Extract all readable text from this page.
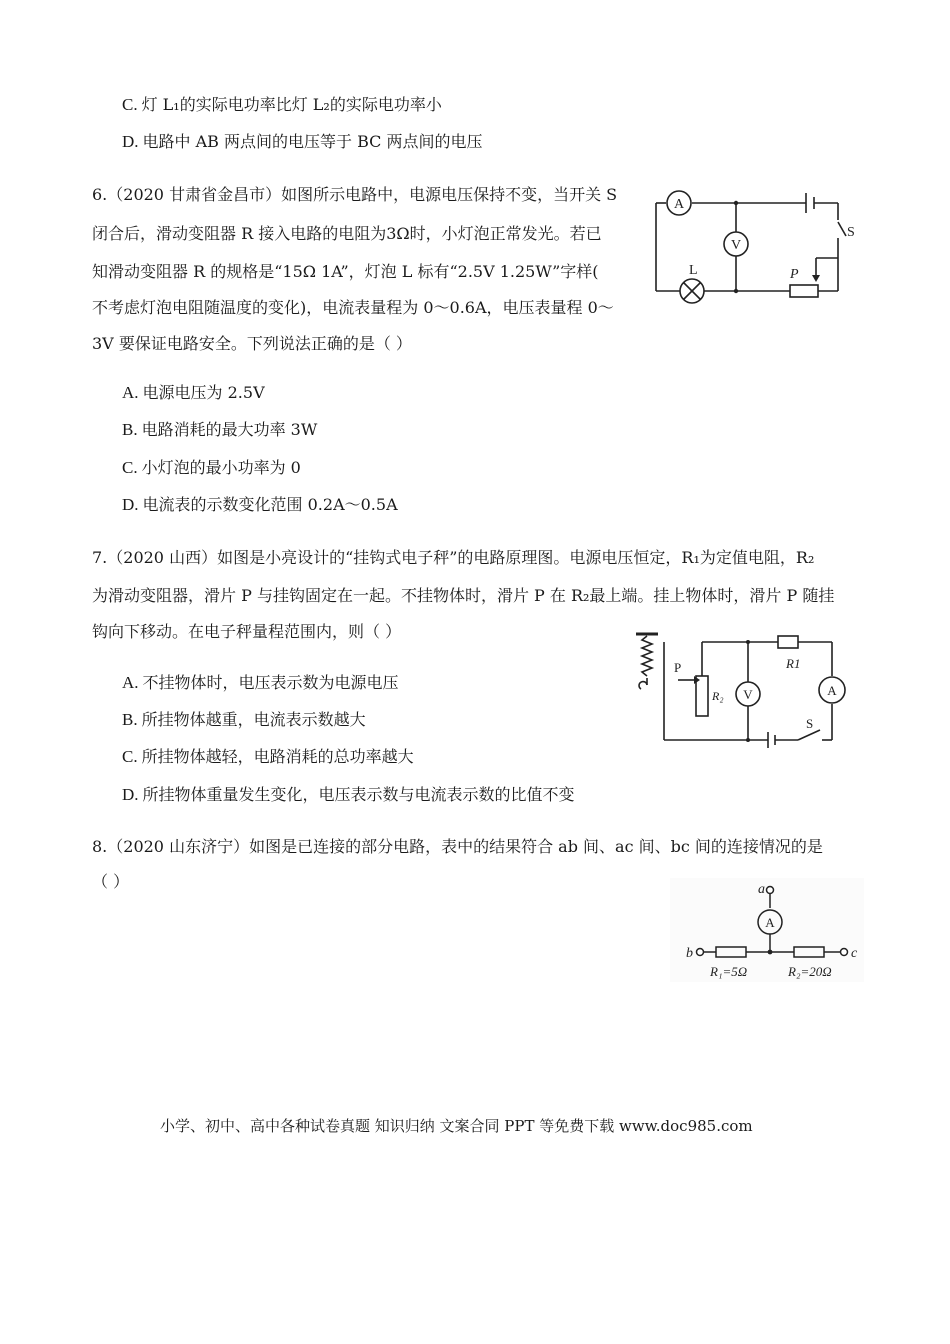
C. 灯 L₁的实际电功率比灯 L₂的实际电功率小
D. 电路中 AB 两点间的电压等于 BC 两点间的电压
6.（2020 甘肃省金昌市）如图所示电路中，电源电压保持不变，当开关 S
闭合后，滑动变阻器 R 接入电路的电阻为3Ω时，小灯泡正常发光。若已
知滑动变阻器 R 的规格是“15Ω 1A”，灯泡 L 标有“2.5V 1.25W”字样(
不考虑灯泡电阻随温度的变化)，电流表量程为 0～0.6A，电压表量程 0～
3V 要保证电路安全。下列说法正确的是（ ）
A
V
L
S
P
A. 电源电压为 2.5V
B. 电路消耗的最大功率 3W
C. 小灯泡的最小功率为 0
D. 电流表的示数变化范围 0.2A～0.5A
7.（2020 山西）如图是小亮设计的“挂钩式电子秤”的电路原理图。电源电压恒定，R₁为定值电阻，R₂
为滑动变阻器，滑片 P 与挂钩固定在一起。不挂物体时，滑片 P 在 R₂最上端。挂上物体时，滑片 P 随挂
钩向下移动。在电子秤量程范围内，则（ ）
P
R₂ V
R1
A
S
A. 不挂物体时，电压表示数为电源电压
B. 所挂物体越重，电流表示数越大
C. 所挂物体越轻，电路消耗的总功率越大
D. 所挂物体重量发生变化，电压表示数与电流表示数的比值不变
8.（2020 山东济宁）如图是已连接的部分电路，表中的结果符合 ab 间、ac 间、bc 间的连接情况的是
（ ）	a
A
b	c
R₁=5Ω	R₂=20Ω
小学、初中、高中各种试卷真题 知识归纳 文案合同 PPT 等免费下载 www.doc985.com
